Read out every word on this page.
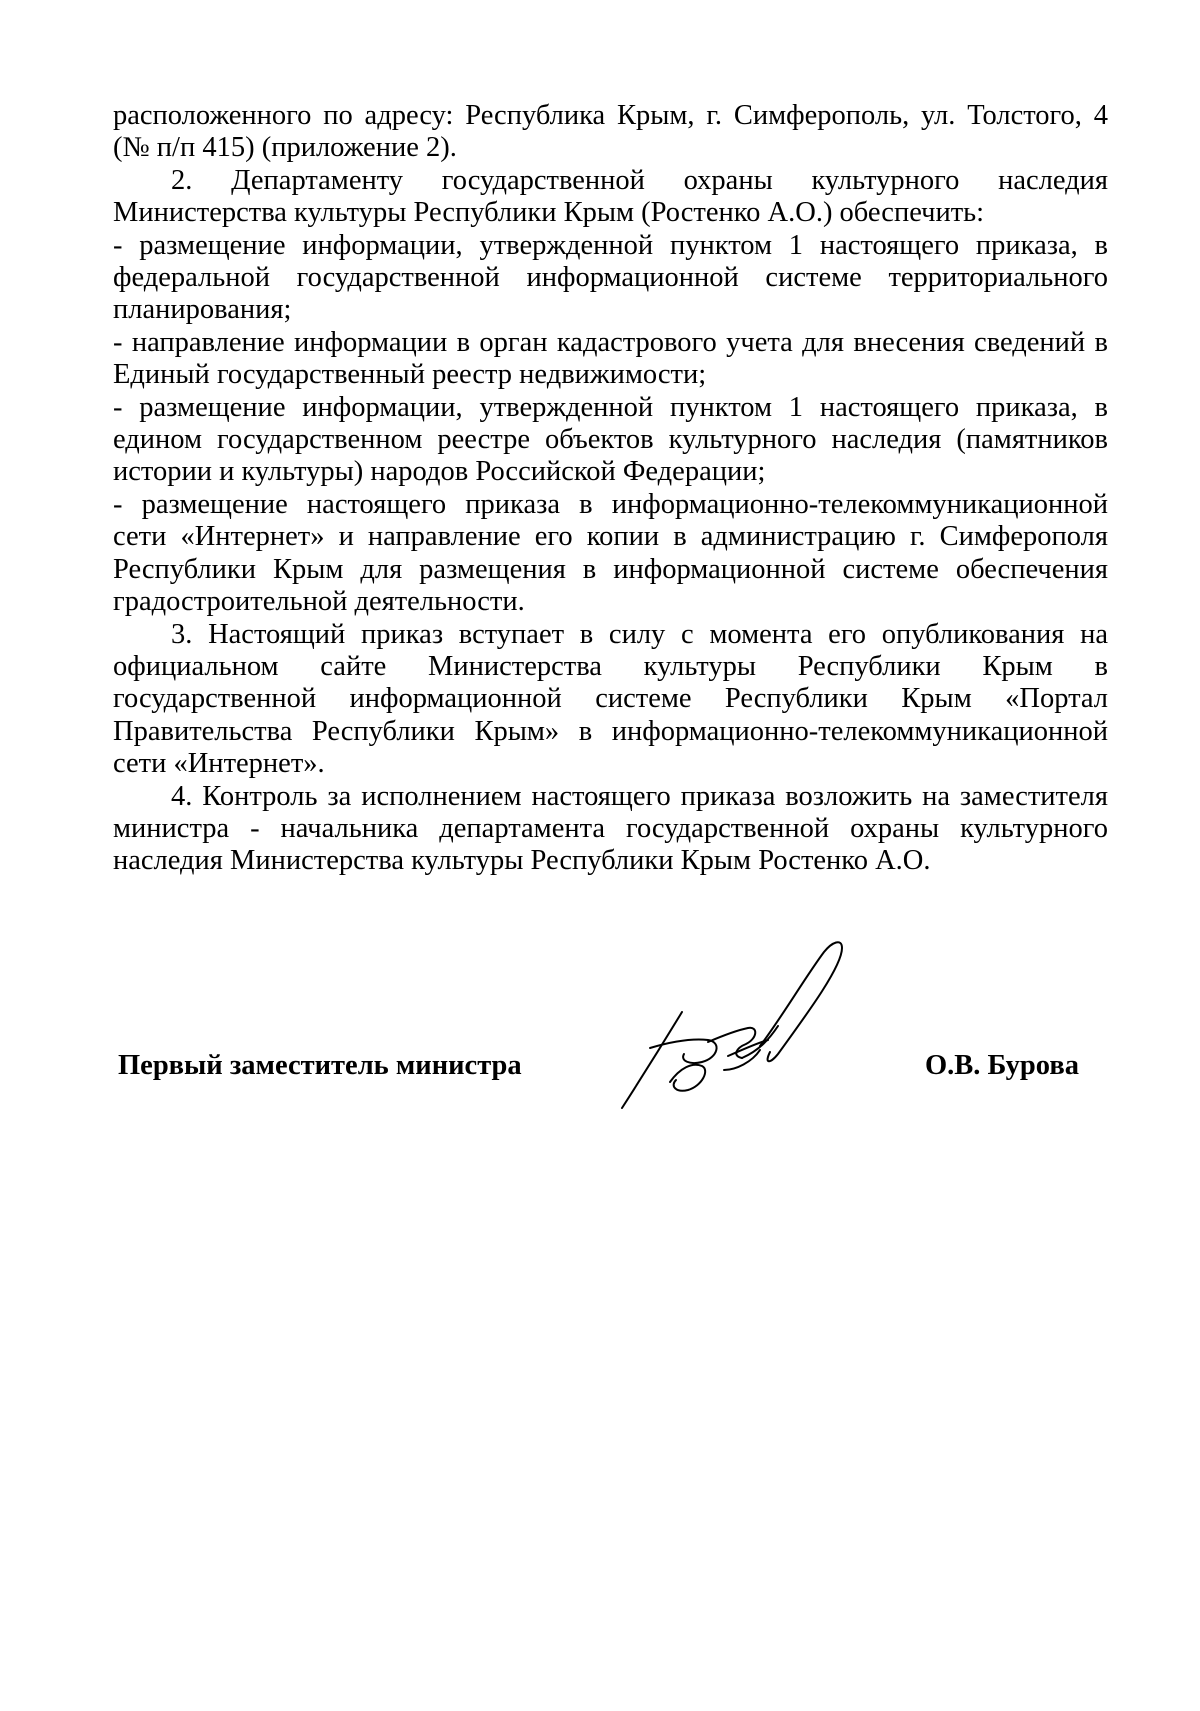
расположенного по адресу: Республика Крым, г. Симферополь, ул. Толстого, 4 (№ п/п 415) (приложение 2).

2. Департаменту государственной охраны культурного наследия Министерства культуры Республики Крым (Ростенко А.О.) обеспечить:

- размещение информации, утвержденной пунктом 1 настоящего приказа, в федеральной государственной информационной системе территориального планирования;

- направление информации в орган кадастрового учета для внесения сведений в Единый государственный реестр недвижимости;

- размещение информации, утвержденной пунктом 1 настоящего приказа, в едином государственном реестре объектов культурного наследия (памятников истории и культуры) народов Российской Федерации;

- размещение настоящего приказа в информационно-телекоммуникационной сети «Интернет» и направление его копии в администрацию г. Симферополя Республики Крым для размещения в информационной системе обеспечения градостроительной деятельности.

3. Настоящий приказ вступает в силу с момента его опубликования на официальном сайте Министерства культуры Республики Крым в государственной информационной системе Республики Крым «Портал Правительства Республики Крым» в информационно-телекоммуникационной сети «Интернет».

4. Контроль за исполнением настоящего приказа возложить на заместителя министра - начальника департамента государственной охраны культурного наследия Министерства культуры Республики Крым Ростенко А.О.

Первый заместитель министра	О.В. Бурова
